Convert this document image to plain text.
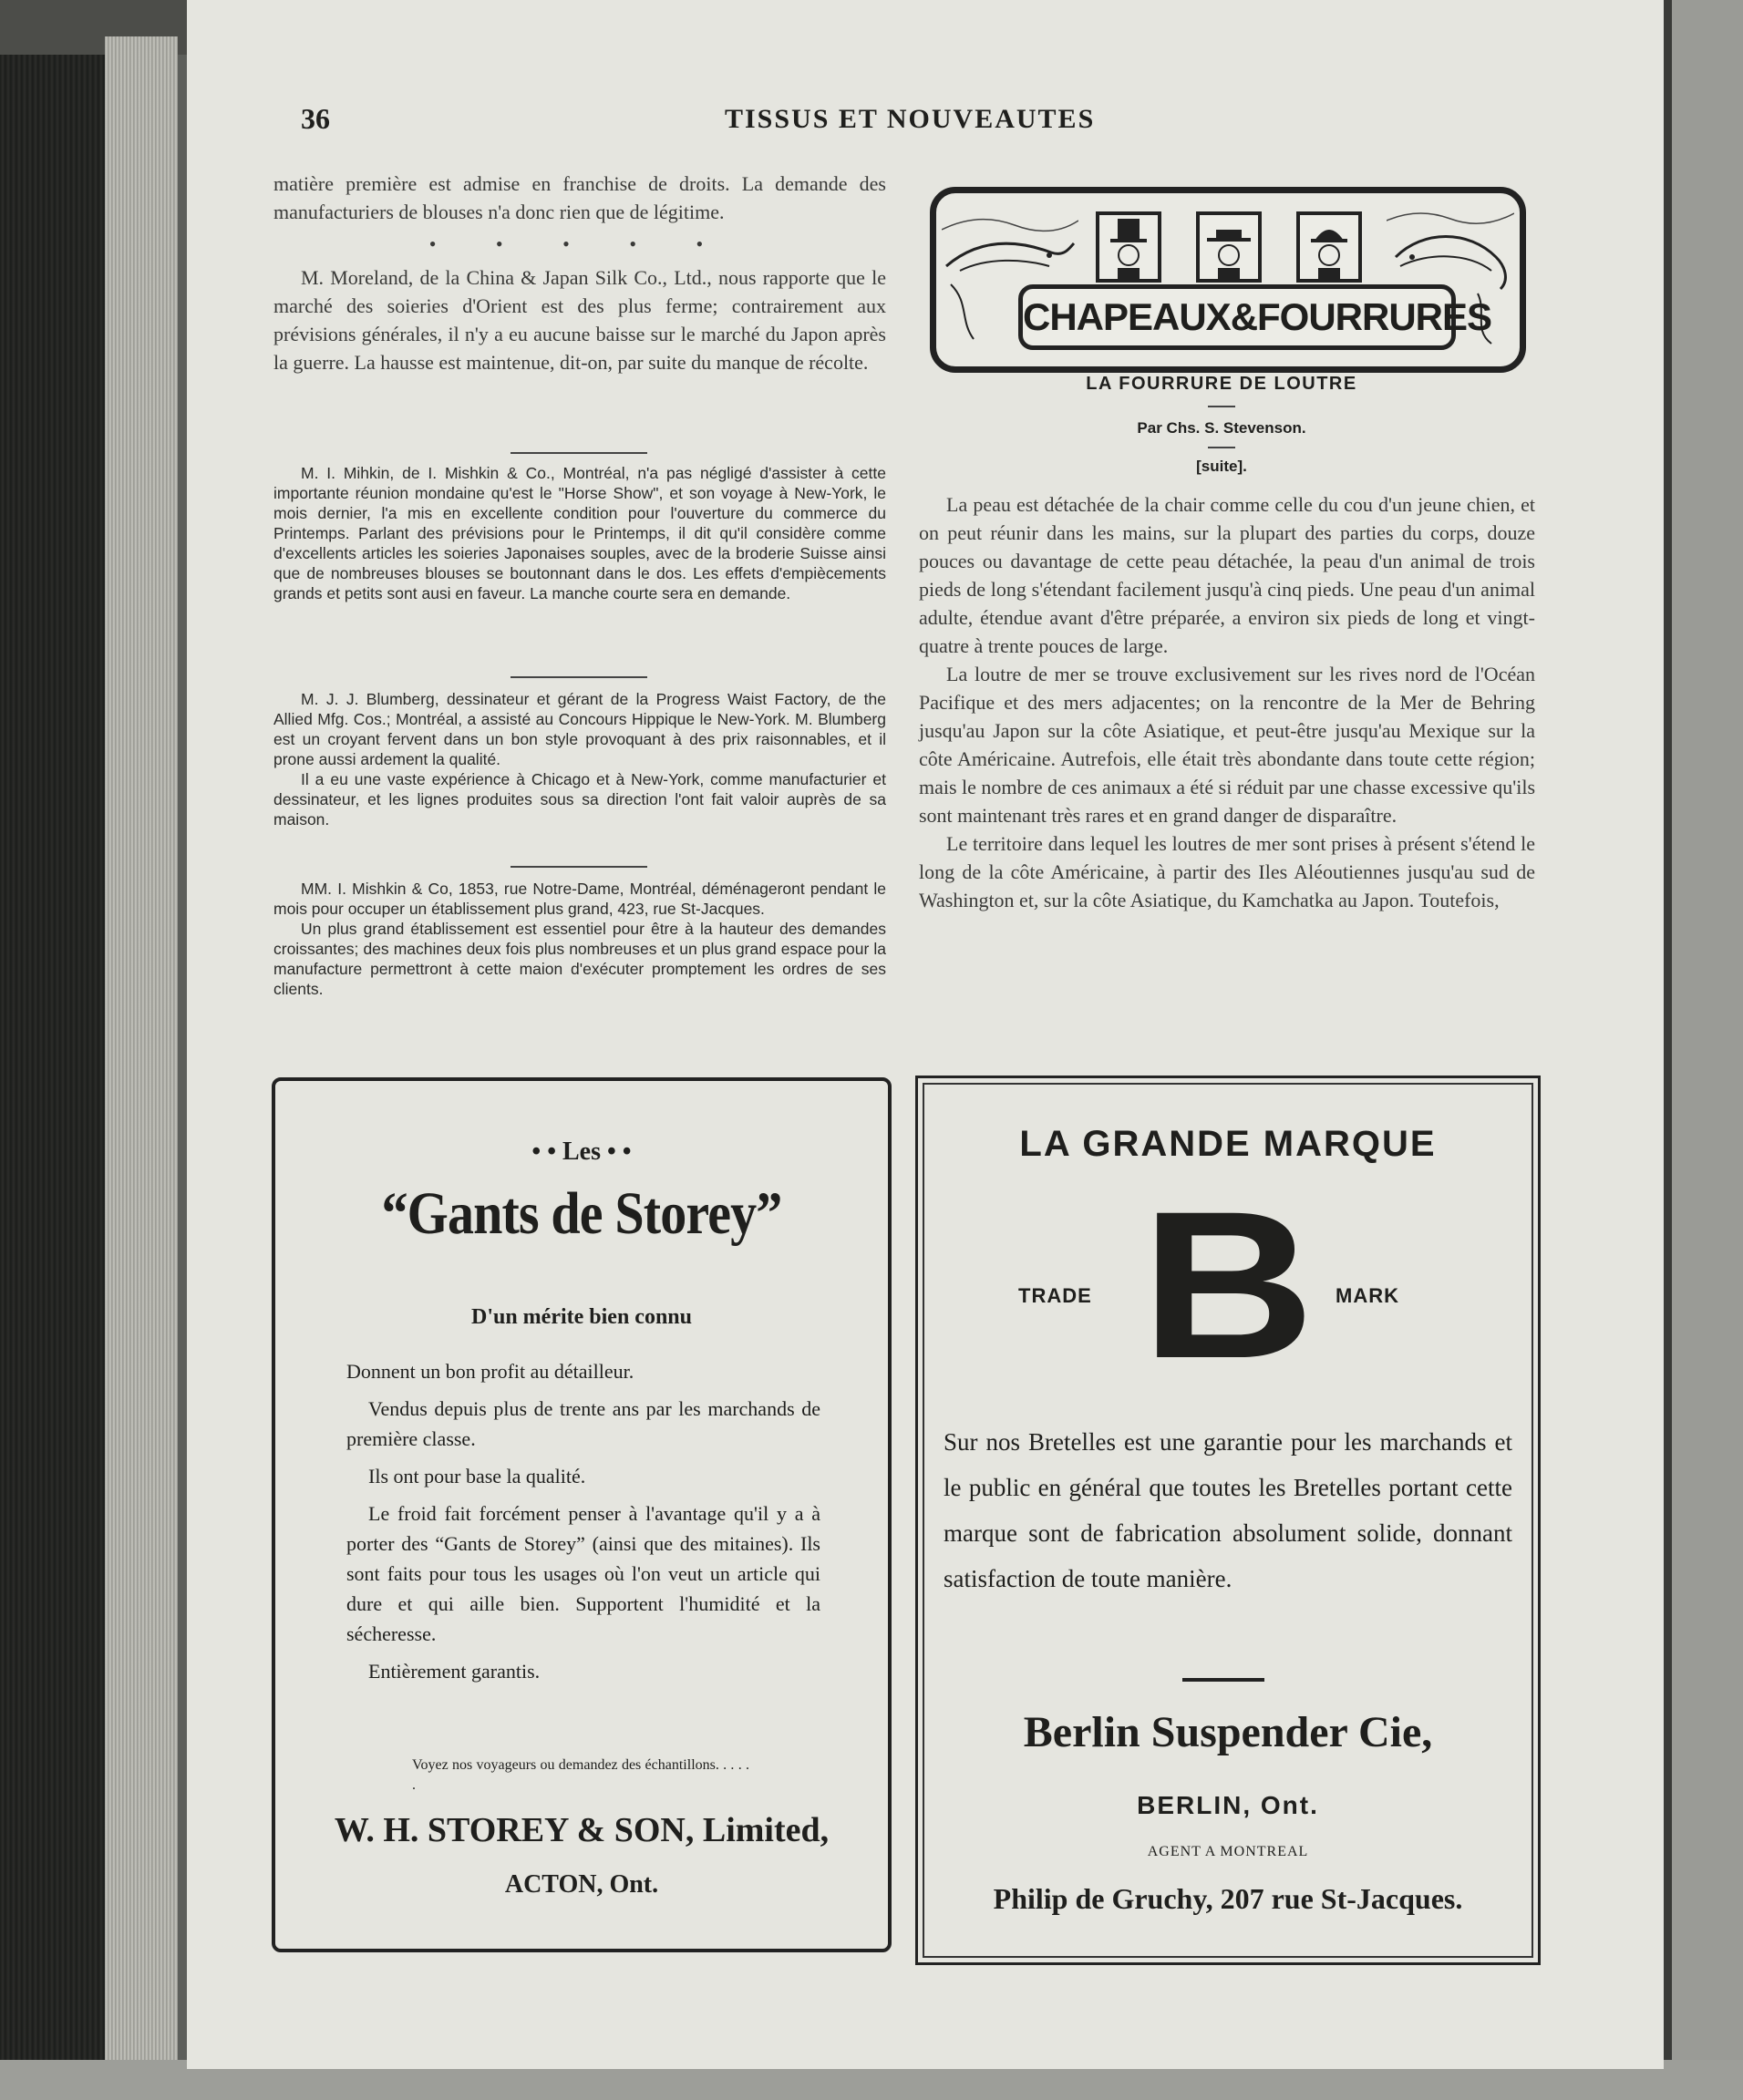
36	TISSUS ET NOUVEAUTES

matière première est admise en franchise de droits. La demande des manufacturiers de blouses n'a donc rien que de légitime.

• • • • •

M. Moreland, de la China & Japan Silk Co., Ltd., nous rapporte que le marché des soieries d'Orient est des plus ferme; contrairement aux prévisions générales, il n'y a eu aucune baisse sur le marché du Japon après la guerre. La hausse est maintenue, dit-on, par suite du manque de récolte.

M. I. Mihkin, de I. Mishkin & Co., Montréal, n'a pas négligé d'assister à cette importante réunion mondaine qu'est le "Horse Show", et son voyage à New-York, le mois dernier, l'a mis en excellente condition pour l'ouverture du commerce du Printemps. Parlant des prévisions pour le Printemps, il dit qu'il considère comme d'excellents articles les soieries Japonaises souples, avec de la broderie Suisse ainsi que de nombreuses blouses se boutonnant dans le dos. Les effets d'empiècements grands et petits sont ausi en faveur. La manche courte sera en demande.

M. J. J. Blumberg, dessinateur et gérant de la Progress Waist Factory, de the Allied Mfg. Cos.; Montréal, a assisté au Concours Hippique le New-York. M. Blumberg est un croyant fervent dans un bon style provoquant à des prix raisonnables, et il prone aussi ardement la qualité.

Il a eu une vaste expérience à Chicago et à New-York, comme manufacturier et dessinateur, et les lignes produites sous sa direction l'ont fait valoir auprès de sa maison.

MM. I. Mishkin & Co, 1853, rue Notre-Dame, Montréal, déménageront pendant le mois pour occuper un établissement plus grand, 423, rue St-Jacques.

Un plus grand établissement est essentiel pour être à la hauteur des demandes croissantes; des machines deux fois plus nombreuses et un plus grand espace pour la manufacture permettront à cette maion d'exécuter promptement les ordres de ses clients.

CHAPEAUX&FOURRURES
LA FOURRURE DE LOUTRE
Par Chs. S. Stevenson.
[suite].

La peau est détachée de la chair comme celle du cou d'un jeune chien, et on peut réunir dans les mains, sur la plupart des parties du corps, douze pouces ou davantage de cette peau détachée, la peau d'un animal de trois pieds de long s'étendant facilement jusqu'à cinq pieds. Une peau d'un animal adulte, étendue avant d'être préparée, a environ six pieds de long et vingt-quatre à trente pouces de large.

La loutre de mer se trouve exclusivement sur les rives nord de l'Océan Pacifique et des mers adjacentes; on la rencontre de la Mer de Behring jusqu'au Japon sur la côte Asiatique, et peut-être jusqu'au Mexique sur la côte Américaine. Autrefois, elle était très abondante dans toute cette région; mais le nombre de ces animaux a été si réduit par une chasse excessive qu'ils sont maintenant très rares et en grand danger de disparaître.

Le territoire dans lequel les loutres de mer sont prises à présent s'étend le long de la côte Américaine, à partir des Iles Aléoutiennes jusqu'au sud de Washington et, sur la côte Asiatique, du Kamchatka au Japon. Toutefois,

• • Les • •
“Gants de Storey”
D'un mérite bien connu
Donnent un bon profit au détailleur.
Vendus depuis plus de trente ans par les marchands de première classe.
Ils ont pour base la qualité.
Le froid fait forcément penser à l'avantage qu'il y a à porter des “Gants de Storey” (ainsi que des mitaines). Ils sont faits pour tous les usages où l'on veut un article qui dure et qui aille bien. Supportent l'humidité et la sécheresse.
Entièrement garantis.
Voyez nos voyageurs ou demandez des échantillons. . . . . .
W. H. STOREY & SON, Limited,
ACTON, Ont.
LA GRANDE MARQUE
TRADE B	MARK
Sur nos Bretelles est une garantie pour les marchands et le public en général que toutes les Bretelles portant cette marque sont de fabrication absolument solide, donnant satisfaction de toute manière.
Berlin Suspender Cie,
BERLIN, Ont.
AGENT A MONTREAL
Philip de Gruchy, 207 rue St-Jacques.
